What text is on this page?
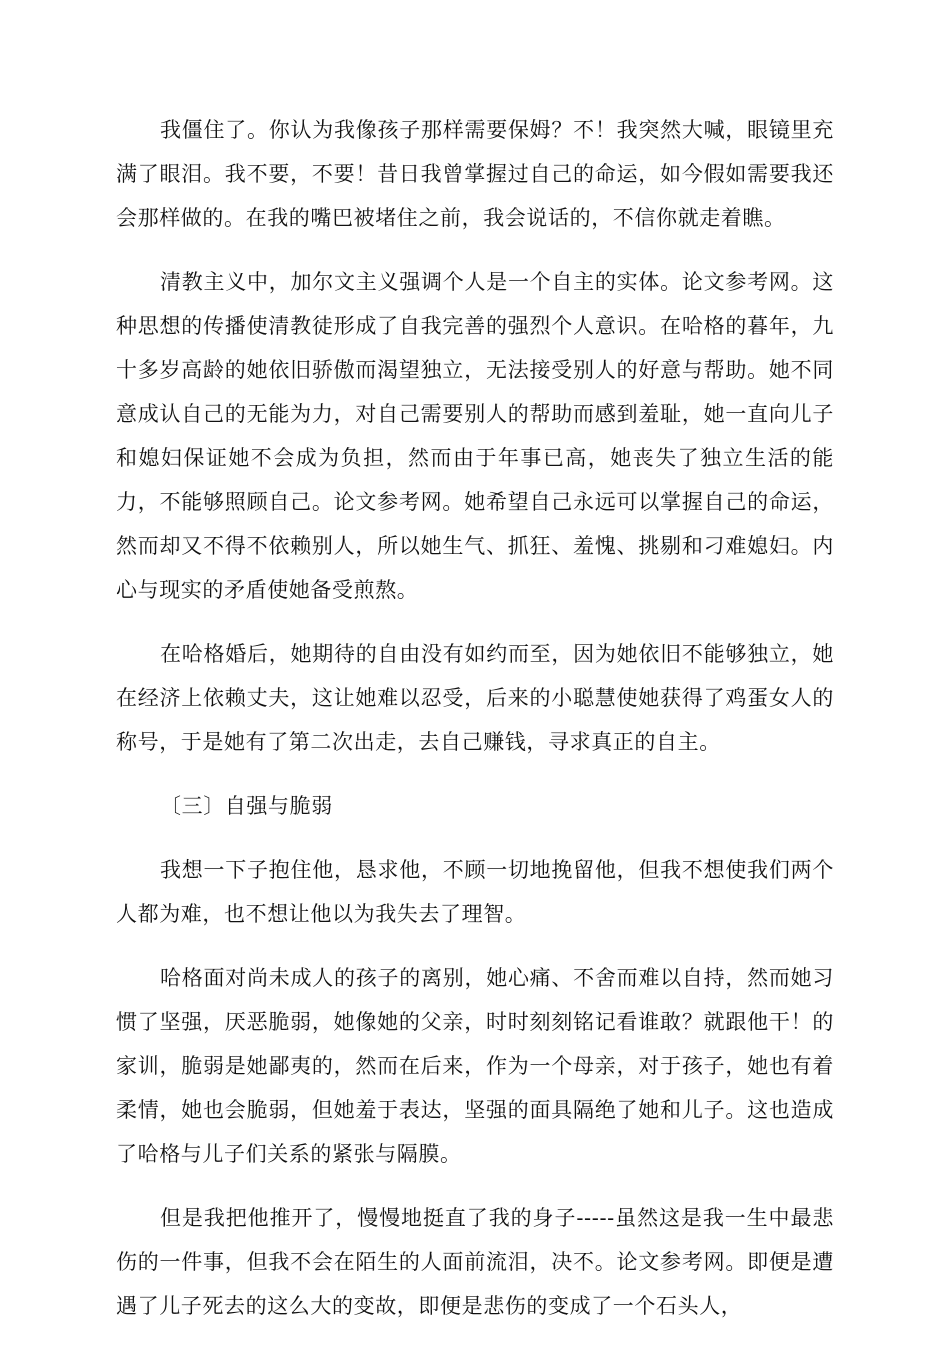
我僵住了。你认为我像孩子那样需要保姆？不！我突然大喊，眼镜里充满了眼泪。我不要，不要！昔日我曾掌握过自己的命运，如今假如需要我还会那样做的。在我的嘴巴被堵住之前，我会说话的，不信你就走着瞧。

清教主义中，加尔文主义强调个人是一个自主的实体。论文参考网。这种思想的传播使清教徒形成了自我完善的强烈个人意识。在哈格的暮年，九十多岁高龄的她依旧骄傲而渴望独立，无法接受别人的好意与帮助。她不同意成认自己的无能为力，对自己需要别人的帮助而感到羞耻，她一直向儿子和媳妇保证她不会成为负担，然而由于年事已高，她丧失了独立生活的能力，不能够照顾自己。论文参考网。她希望自己永远可以掌握自己的命运，然而却又不得不依赖别人，所以她生气、抓狂、羞愧、挑剔和刁难媳妇。内心与现实的矛盾使她备受煎熬。

在哈格婚后，她期待的自由没有如约而至，因为她依旧不能够独立，她在经济上依赖丈夫，这让她难以忍受，后来的小聪慧使她获得了鸡蛋女人的称号，于是她有了第二次出走，去自己赚钱，寻求真正的自主。

〔三〕自强与脆弱

我想一下子抱住他，恳求他，不顾一切地挽留他，但我不想使我们两个人都为难，也不想让他以为我失去了理智。

哈格面对尚未成人的孩子的离别，她心痛、不舍而难以自持，然而她习惯了坚强，厌恶脆弱，她像她的父亲，时时刻刻铭记看谁敢？就跟他干！的家训，脆弱是她鄙夷的，然而在后来，作为一个母亲，对于孩子，她也有着柔情，她也会脆弱，但她羞于表达，坚强的面具隔绝了她和儿子。这也造成了哈格与儿子们关系的紧张与隔膜。

但是我把他推开了，慢慢地挺直了我的身子-----虽然这是我一生中最悲伤的一件事，但我不会在陌生的人面前流泪，决不。论文参考网。即便是遭遇了儿子死去的这么大的变故，即便是悲伤的变成了一个石头人，
